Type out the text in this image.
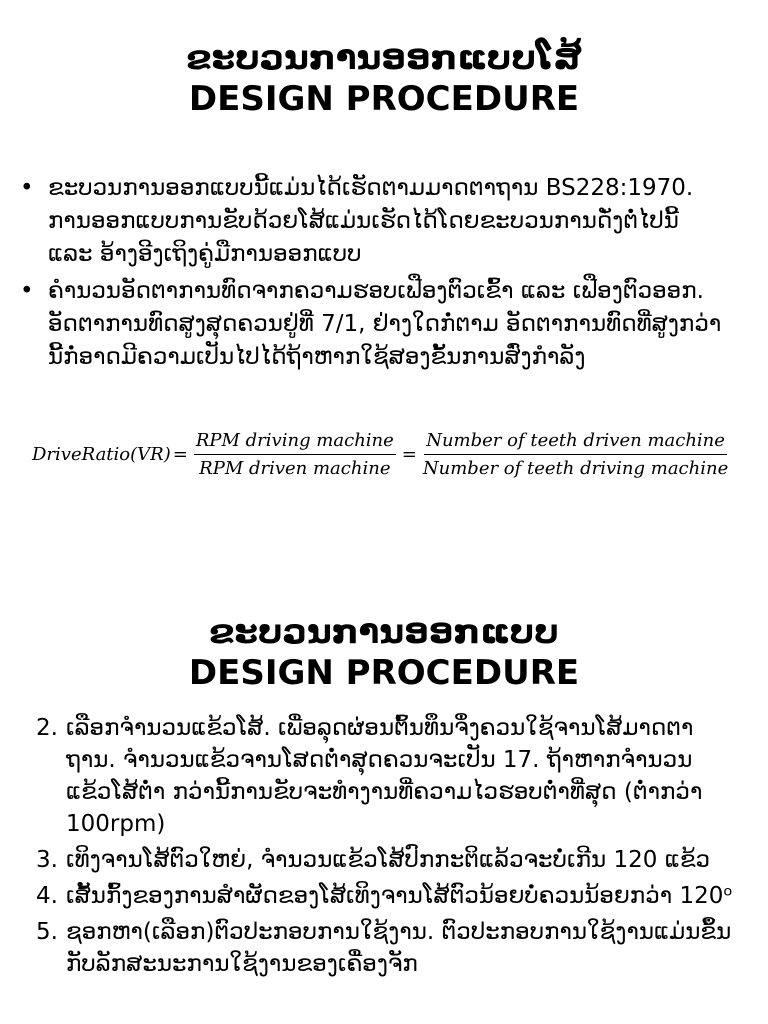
ຂະບວນການອອກແບບໂສ້
DESIGN PROCEDURE
• ຂະບວນການອອກແບບນີ້ແມ່ນໄດ້ເຮັດຕາມມາດຕາຖານ BS228:1970. ການອອກແບບການຂັບດ້ວຍໂສ້ແມ່ນເຮັດໄດ້ໂດຍຂະບວນການດັ່ງຕໍ່ໄປນີ້ ແລະ ອ້າງອີງເຖິງຄູ່ມືການອອກແບບ
• ຄຳນວນອັດຕາການທົດຈາກຄວາມຮອບເຟືອງຕົວເຂົ້າ ແລະ ເຟືອງຕົວອອກ. ອັດຕາການທົດສູງສຸດຄວນຢູ່ທີ່ 7/1, ຢ່າງໃດກໍ່ຕາມ ອັດຕາການທົດທີ່ສູງກວ່ານີ້ກໍ່ອາດມີຄວາມເປັນໄປໄດ້ຖ້າຫາກໃຊ້ສອງຂັ້ນການສົ່ງກຳລັງ
DriveRatio(VR) = $\frac{\text{RPM driving machine}}{\text{RPM driven machine}} = \frac{\text{Number of teeth driven machine}}{\text{Number of teeth driving machine}}$
ຂະບວນການອອກແບບ
DESIGN PROCEDURE
2. ເລືອກຈຳນວນແຂ້ວໂສ້. ເພື່ອລຸດຜ່ອນຕົ້ນທຶນຈຶ່ງຄວນໃຊ້ຈານໂສ້ມາດຕາຖານ. ຈຳນວນແຂ້ວຈານໂສດຕ່ຳສຸດຄວນຈະເປັນ 17. ຖ້າຫາກຈຳນວນແຂ້ວໂສ້ຕ່ຳ ກວ່ານີ້ການຂັບຈະທຳງານທີ່ຄວາມໄວຮອບຕ່ຳທີ່ສຸດ (ຕ່ຳກວ່າ 100rpm)
3. ເທິງຈານໂສ້ຕົວໃຫຍ່, ຈຳນວນແຂ້ວໂສ້ປົກກະຕິແລ້ວຈະບໍ່ເກີນ 120 ແຂ້ວ
4. ເສັ້ນກົ້ງຂອງການສຳຜັດຂອງໂສ້ເທິງຈານໂສ້ຕົວນ້ອຍບໍ່ຄວນນ້ອຍກວ່າ 120ᵒ
5. ຊອກຫາ(ເລືອກ)ຕົວປະກອບການໃຊ້ງານ. ຕົວປະກອບການໃຊ້ງານແມ່ນຂຶ້ນກັບລັກສະນະການໃຊ້ງານຂອງເຄື່ອງຈັກ
